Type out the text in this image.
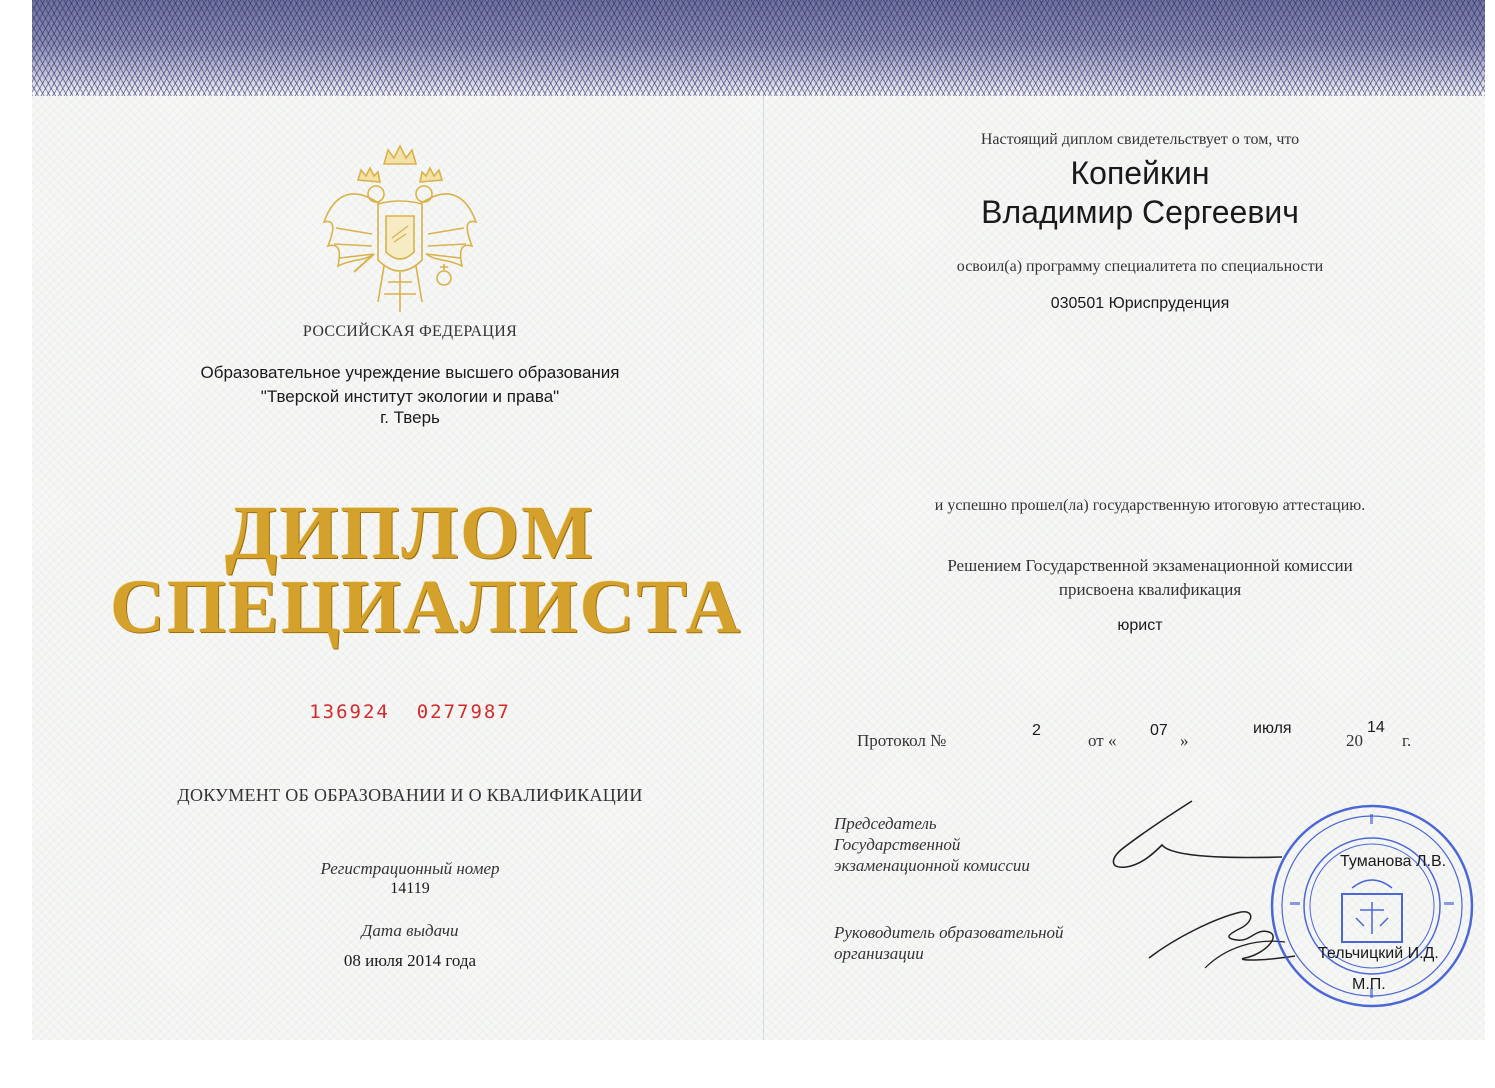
РОССИЙСКАЯ ФЕДЕРАЦИЯ
Образовательное учреждение высшего образования
"Тверской институт экологии и права"
г. Тверь
ДИПЛОМ
СПЕЦИАЛИСТА
136924  0277987
ДОКУМЕНТ ОБ ОБРАЗОВАНИИ И О КВАЛИФИКАЦИИ
Регистрационный номер
14119
Дата выдачи
08 июля 2014 года
Настоящий диплом свидетельствует о том, что
Копейкин
Владимир Сергеевич
освоил(а) программу специалитета по специальности
030501 Юриспруденция
и успешно прошел(ла) государственную итоговую аттестацию.
Решением Государственной экзаменационной комиссии
присвоена квалификация
юрист
Протокол №
2
от «
07
»
июля
20
14
г.
Председатель
Государственной
экзаменационной комиссии
Руководитель образовательной
организации
Туманова Л.В.
Тельчицкий И.Д.
М.П.
